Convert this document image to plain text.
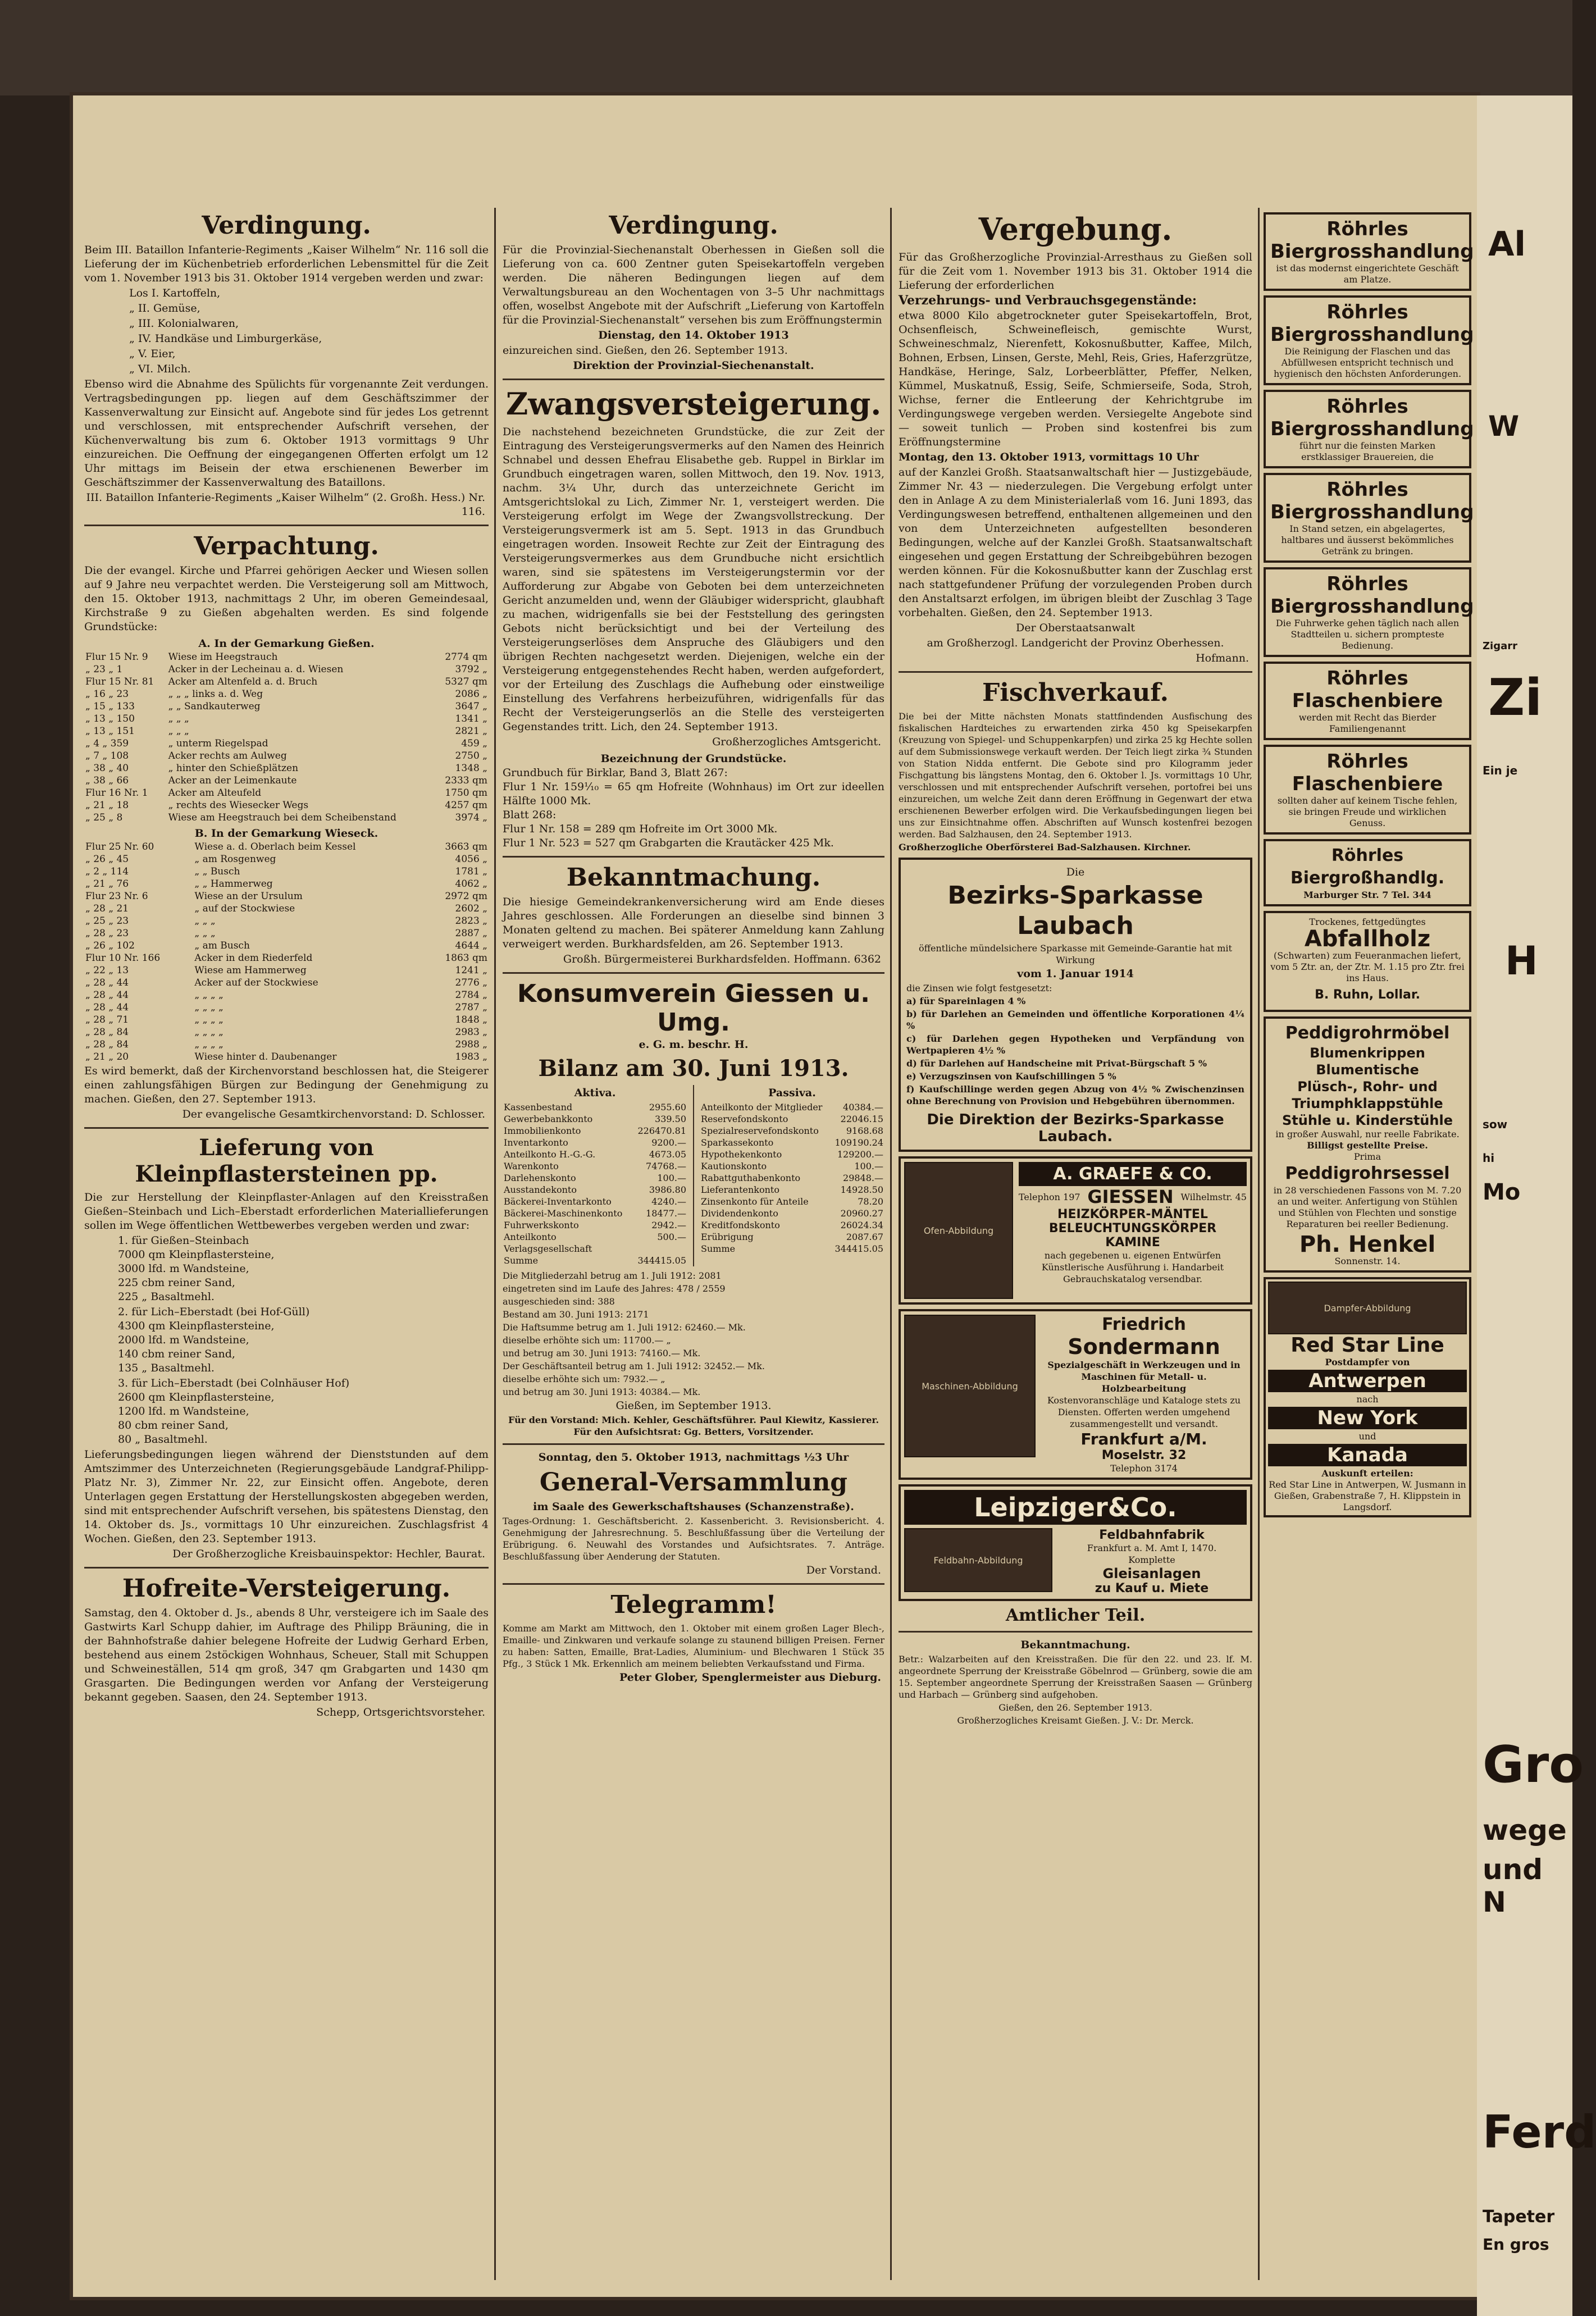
Verdingung.
Beim III. Bataillon Infanterie-Regiments „Kaiser Wilhelm“ Nr. 116 soll die Lieferung der im Küchenbetrieb erforderlichen Lebensmittel für die Zeit vom 1. November 1913 bis 31. Oktober 1914 vergeben werden und zwar:
Los I. Kartoffeln,
„ II. Gemüse,
„ III. Kolonialwaren,
„ IV. Handkäse und Limburgerkäse,
„ V. Eier,
„ VI. Milch.
Ebenso wird die Abnahme des Spülichts für vorgenannte Zeit verdungen. Vertragsbedingungen pp. liegen auf dem Geschäftszimmer der Kassenverwaltung zur Einsicht auf. Angebote sind für jedes Los getrennt und verschlossen, mit entsprechender Aufschrift versehen, der Küchenverwaltung bis zum 6. Oktober 1913 vormittags 9 Uhr einzureichen. Die Oeffnung der eingegangenen Offerten erfolgt um 12 Uhr mittags im Beisein der etwa erschienenen Bewerber im Geschäftszimmer der Kassenverwaltung des Bataillons.
III. Bataillon Infanterie-Regiments „Kaiser Wilhelm“ (2. Großh. Hess.) Nr. 116.
Verpachtung.
Die der evangel. Kirche und Pfarrei gehörigen Aecker und Wiesen sollen auf 9 Jahre neu verpachtet werden. Die Versteigerung soll am Mittwoch, den 15. Oktober 1913, nachmittags 2 Uhr, im oberen Gemeindesaal, Kirchstraße 9 zu Gießen abgehalten werden. Es sind folgende Grundstücke:
A. In der Gemarkung Gießen.
Flur 15 Nr. 9	Wiese im Heegstrauch	2774 qm
„ 23 „ 1	Acker in der Lecheinau a. d. Wiesen	3792 „
Flur 15 Nr. 81	Acker am Altenfeld a. d. Bruch	5327 qm
„ 16 „ 23	„ „ „ links a. d. Weg	2086 „
„ 15 „ 133	„ „ Sandkauterweg	3647 „
„ 13 „ 150	„ „ „	1341 „
„ 13 „ 151	„ „ „	2821 „
„ 4 „ 359	„ unterm Riegelspad	459 „
„ 7 „ 108	Acker rechts am Aulweg	2750 „
„ 38 „ 40	„ hinter den Schießplätzen	1348 „
„ 38 „ 66	Acker an der Leimenkaute	2333 qm
Flur 16 Nr. 1	Acker am Alteufeld	1750 qm
„ 21 „ 18	„ rechts des Wiesecker Wegs	4257 qm
„ 25 „ 8	Wiese am Heegstrauch bei dem Scheibenstand	3974 „
B. In der Gemarkung Wieseck.
Flur 25 Nr. 60	Wiese a. d. Oberlach beim Kessel	3663 qm
„ 26 „ 45	„ am Rosgenweg	4056 „
„ 2 „ 114	„ „ Busch	1781 „
„ 21 „ 76	„ „ Hammerweg	4062 „
Flur 23 Nr. 6	Wiese an der Ursulum	2972 qm
„ 28 „ 21	„ auf der Stockwiese	2602 „
„ 25 „ 23	„ „ „	2823 „
„ 28 „ 23	„ „ „	2887 „
„ 26 „ 102	„ am Busch	4644 „
Flur 10 Nr. 166	Acker in dem Riederfeld	1863 qm
„ 22 „ 13	Wiese am Hammerweg	1241 „
„ 28 „ 44	Acker auf der Stockwiese	2776 „
„ 28 „ 44	„ „ „ „	2784 „
„ 28 „ 44	„ „ „ „	2787 „
„ 28 „ 71	„ „ „ „	1848 „
„ 28 „ 84	„ „ „ „	2983 „
„ 28 „ 84	„ „ „ „	2988 „
„ 21 „ 20	Wiese hinter d. Daubenanger	1983 „
Es wird bemerkt, daß der Kirchenvorstand beschlossen hat, die Steigerer einen zahlungsfähigen Bürgen zur Bedingung der Genehmigung zu machen. Gießen, den 27. September 1913.
Der evangelische Gesamtkirchenvorstand: D. Schlosser.
Lieferung von Kleinpflastersteinen pp.
Die zur Herstellung der Kleinpflaster-Anlagen auf den Kreisstraßen Gießen–Steinbach und Lich–Eberstadt erforderlichen Materiallieferungen sollen im Wege öffentlichen Wettbewerbes vergeben werden und zwar:
1. für Gießen–Steinbach
7000 qm Kleinpflastersteine,
3000 lfd. m Wandsteine,
225 cbm reiner Sand,
225 „ Basaltmehl.
2. für Lich–Eberstadt (bei Hof-Güll)
4300 qm Kleinpflastersteine,
2000 lfd. m Wandsteine,
140 cbm reiner Sand,
135 „ Basaltmehl.
3. für Lich–Eberstadt (bei Colnhäuser Hof)
2600 qm Kleinpflastersteine,
1200 lfd. m Wandsteine,
80 cbm reiner Sand,
80 „ Basaltmehl.
Lieferungsbedingungen liegen während der Dienststunden auf dem Amtszimmer des Unterzeichneten (Regierungsgebäude Landgraf-Philipp-Platz Nr. 3), Zimmer Nr. 22, zur Einsicht offen. Angebote, deren Unterlagen gegen Erstattung der Herstellungskosten abgegeben werden, sind mit entsprechender Aufschrift versehen, bis spätestens Dienstag, den 14. Oktober ds. Js., vormittags 10 Uhr einzureichen. Zuschlagsfrist 4 Wochen. Gießen, den 23. September 1913.
Der Großherzogliche Kreisbauinspektor: Hechler, Baurat.
Hofreite-Versteigerung.
Samstag, den 4. Oktober d. Js., abends 8 Uhr, versteigere ich im Saale des Gastwirts Karl Schupp dahier, im Auftrage des Philipp Bräuning, die in der Bahnhofstraße dahier belegene Hofreite der Ludwig Gerhard Erben, bestehend aus einem 2stöckigen Wohnhaus, Scheuer, Stall mit Schuppen und Schweineställen, 514 qm groß, 347 qm Grabgarten und 1430 qm Grasgarten. Die Bedingungen werden vor Anfang der Versteigerung bekannt gegeben. Saasen, den 24. September 1913.
Schepp, Ortsgerichtsvorsteher.
Verdingung.
Für die Provinzial-Siechenanstalt Oberhessen in Gießen soll die Lieferung von ca. 600 Zentner guten Speisekartoffeln vergeben werden. Die näheren Bedingungen liegen auf dem Verwaltungsbureau an den Wochentagen von 3–5 Uhr nachmittags offen, woselbst Angebote mit der Aufschrift „Lieferung von Kartoffeln für die Provinzial-Siechenanstalt“ versehen bis zum Eröffnungstermin
Dienstag, den 14. Oktober 1913
einzureichen sind. Gießen, den 26. September 1913.
Direktion der Provinzial-Siechenanstalt.
Zwangsversteigerung.
Die nachstehend bezeichneten Grundstücke, die zur Zeit der Eintragung des Versteigerungsvermerks auf den Namen des Heinrich Schnabel und dessen Ehefrau Elisabethe geb. Ruppel in Birklar im Grundbuch eingetragen waren, sollen Mittwoch, den 19. Nov. 1913, nachm. 3¼ Uhr, durch das unterzeichnete Gericht im Amtsgerichtslokal zu Lich, Zimmer Nr. 1, versteigert werden. Die Versteigerung erfolgt im Wege der Zwangsvollstreckung. Der Versteigerungsvermerk ist am 5. Sept. 1913 in das Grundbuch eingetragen worden. Insoweit Rechte zur Zeit der Eintragung des Versteigerungsvermerkes aus dem Grundbuche nicht ersichtlich waren, sind sie spätestens im Versteigerungstermin vor der Aufforderung zur Abgabe von Geboten bei dem unterzeichneten Gericht anzumelden und, wenn der Gläubiger widerspricht, glaubhaft zu machen, widrigenfalls sie bei der Feststellung des geringsten Gebots nicht berücksichtigt und bei der Verteilung des Versteigerungserlöses dem Anspruche des Gläubigers und den übrigen Rechten nachgesetzt werden. Diejenigen, welche ein der Versteigerung entgegenstehendes Recht haben, werden aufgefordert, vor der Erteilung des Zuschlags die Aufhebung oder einstweilige Einstellung des Verfahrens herbeizuführen, widrigenfalls für das Recht der Versteigerungserlös an die Stelle des versteigerten Gegenstandes tritt. Lich, den 24. September 1913.
Großherzogliches Amtsgericht.
Bezeichnung der Grundstücke.
Grundbuch für Birklar, Band 3, Blatt 267:
Flur 1 Nr. 159¹⁄₁₀ = 65 qm Hofreite (Wohnhaus) im Ort zur ideellen Hälfte 1000 Mk.
Blatt 268:
Flur 1 Nr. 158 = 289 qm Hofreite im Ort 3000 Mk.
Flur 1 Nr. 523 = 527 qm Grabgarten die Krautäcker 425 Mk.
Bekanntmachung.
Die hiesige Gemeindekrankenversicherung wird am Ende dieses Jahres geschlossen. Alle Forderungen an dieselbe sind binnen 3 Monaten geltend zu machen. Bei späterer Anmeldung kann Zahlung verweigert werden. Burkhardsfelden, am 26. September 1913.
Großh. Bürgermeisterei Burkhardsfelden. Hoffmann. 6362
Konsumverein Giessen u. Umg.
e. G. m. beschr. H.
Bilanz am 30. Juni 1913.
Aktiva.
Kassenbestand	2955.60
Gewerbebankkonto	339.50
Immobilienkonto	226470.81
Inventarkonto	9200.—
Anteilkonto H.-G.-G.	4673.05
Warenkonto	74768.—
Darlehenskonto	100.—
Ausstandekonto	3986.80
Bäckerei-Inventarkonto	4240.—
Bäckerei-Maschinenkonto	18477.—
Fuhrwerkskonto	2942.—
Anteilkonto Verlagsgesellschaft	500.—
Summe	344415.05
Passiva.
Anteilkonto der Mitglieder	40384.—
Reservefondskonto	22046.15
Spezialreservefondskonto	9168.68
Sparkassekonto	109190.24
Hypothekenkonto	129200.—
Kautionskonto	100.—
Rabattguthabenkonto	29848.—
Lieferantenkonto	14928.50
Zinsenkonto für Anteile	78.20
Dividendenkonto	20960.27
Kreditfondskonto	26024.34
Erübrigung	2087.67
Summe	344415.05
Die Mitgliederzahl betrug am 1. Juli 1912: 2081
eingetreten sind im Laufe des Jahres: 478 / 2559
ausgeschieden sind: 388
Bestand am 30. Juni 1913: 2171
Die Haftsumme betrug am 1. Juli 1912: 62460.— Mk.
dieselbe erhöhte sich um: 11700.— „
und betrug am 30. Juni 1913: 74160.— Mk.
Der Geschäftsanteil betrug am 1. Juli 1912: 32452.— Mk.
dieselbe erhöhte sich um: 7932.— „
und betrug am 30. Juni 1913: 40384.— Mk.
Gießen, im September 1913.
Für den Vorstand: Mich. Kehler, Geschäftsführer. Paul Kiewitz, Kassierer. Für den Aufsichtsrat: Gg. Betters, Vorsitzender.
Sonntag, den 5. Oktober 1913, nachmittags ½3 Uhr
General-Versammlung
im Saale des Gewerkschaftshauses (Schanzenstraße).
Tages-Ordnung: 1. Geschäftsbericht. 2. Kassenbericht. 3. Revisionsbericht. 4. Genehmigung der Jahresrechnung. 5. Beschlußfassung über die Verteilung der Erübrigung. 6. Neuwahl des Vorstandes und Aufsichtsrates. 7. Anträge. Beschlußfassung über Aenderung der Statuten.
Der Vorstand.
Telegramm!
Komme am Markt am Mittwoch, den 1. Oktober mit einem großen Lager Blech-, Emaille- und Zinkwaren und verkaufe solange zu staunend billigen Preisen. Ferner zu haben: Satten, Emaille, Brat-Ladies, Aluminium- und Blechwaren 1 Stück 35 Pfg., 3 Stück 1 Mk. Erkennlich am meinem beliebten Verkaufsstand und Firma.
Peter Glober, Spenglermeister aus Dieburg.
Vergebung.
Für das Großherzogliche Provinzial-Arresthaus zu Gießen soll für die Zeit vom 1. November 1913 bis 31. Oktober 1914 die Lieferung der erforderlichen
Verzehrungs- und Verbrauchsgegenstände:
etwa 8000 Kilo abgetrockneter guter Speisekartoffeln, Brot, Ochsenfleisch, Schweinefleisch, gemischte Wurst, Schweineschmalz, Nierenfett, Kokosnußbutter, Kaffee, Milch, Bohnen, Erbsen, Linsen, Gerste, Mehl, Reis, Gries, Haferzgrütze, Handkäse, Heringe, Salz, Lorbeerblätter, Pfeffer, Nelken, Kümmel, Muskatnuß, Essig, Seife, Schmierseife, Soda, Stroh, Wichse, ferner die Entleerung der Kehrichtgrube im Verdingungswege vergeben werden. Versiegelte Angebote sind — soweit tunlich — Proben sind kostenfrei bis zum Eröffnungstermine
Montag, den 13. Oktober 1913, vormittags 10 Uhr
auf der Kanzlei Großh. Staatsanwaltschaft hier — Justizgebäude, Zimmer Nr. 43 — niederzulegen. Die Vergebung erfolgt unter den in Anlage A zu dem Ministerialerlaß vom 16. Juni 1893, das Verdingungswesen betreffend, enthaltenen allgemeinen und den von dem Unterzeichneten aufgestellten besonderen Bedingungen, welche auf der Kanzlei Großh. Staatsanwaltschaft eingesehen und gegen Erstattung der Schreibgebühren bezogen werden können. Für die Kokosnußbutter kann der Zuschlag erst nach stattgefundener Prüfung der vorzulegenden Proben durch den Anstaltsarzt erfolgen, im übrigen bleibt der Zuschlag 3 Tage vorbehalten. Gießen, den 24. September 1913.
Der Oberstaatsanwalt
am Großherzogl. Landgericht der Provinz Oberhessen.
Hofmann.
Fischverkauf.
Die bei der Mitte nächsten Monats stattfindenden Ausfischung des fiskalischen Hardteiches zu erwartenden zirka 450 kg Speisekarpfen (Kreuzung von Spiegel- und Schuppenkarpfen) und zirka 25 kg Hechte sollen auf dem Submissionswege verkauft werden. Der Teich liegt zirka ¾ Stunden von Station Nidda entfernt. Die Gebote sind pro Kilogramm jeder Fischgattung bis längstens Montag, den 6. Oktober l. Js. vormittags 10 Uhr, verschlossen und mit entsprechender Aufschrift versehen, portofrei bei uns einzureichen, um welche Zeit dann deren Eröffnung in Gegenwart der etwa erschienenen Bewerber erfolgen wird. Die Verkaufsbedingungen liegen bei uns zur Einsichtnahme offen. Abschriften auf Wunsch kostenfrei bezogen werden. Bad Salzhausen, den 24. September 1913.
Großherzogliche Oberförsterei Bad-Salzhausen. Kirchner.
Die
Bezirks-Sparkasse Laubach
öffentliche mündelsichere Sparkasse mit Gemeinde-Garantie hat mit Wirkung
vom 1. Januar 1914
die Zinsen wie folgt festgesetzt:
a) für Spareinlagen 4 %
b) für Darlehen an Gemeinden und öffentliche Korporationen 4¼ %
c) für Darlehen gegen Hypotheken und Verpfändung von Wertpapieren 4½ %
d) für Darlehen auf Handscheine mit Privat-Bürgschaft 5 %
e) Verzugszinsen von Kaufschillingen 5 %
f) Kaufschillinge werden gegen Abzug von 4½ % Zwischenzinsen ohne Berechnung von Provision und Hebgebühren übernommen.
Die Direktion der Bezirks-Sparkasse Laubach.
Ofen-Abbildung
A. GRAEFE & CO.
Telephon 197 GIESSEN Wilhelmstr. 45
HEIZKÖRPER-MÄNTEL
BELEUCHTUNGSKÖRPER
KAMINE
nach gegebenen u. eigenen Entwürfen Künstlerische Ausführung i. Handarbeit Gebrauchskatalog versendbar.
Maschinen-Abbildung
Friedrich
Sondermann
Spezialgeschäft in Werkzeugen und in Maschinen für Metall- u. Holzbearbeitung
Kostenvoranschläge und Kataloge stets zu Diensten. Offerten werden umgehend zusammengestellt und versandt.
Frankfurt a/M.
Moselstr. 32
Telephon 3174
Leipziger&Co.
Feldbahn-Abbildung
Feldbahnfabrik
Frankfurt a. M. Amt I, 1470.
Komplette
Gleisanlagen
zu Kauf u. Miete
Amtlicher Teil.
Bekanntmachung.
Betr.: Walzarbeiten auf den Kreisstraßen. Die für den 22. und 23. lf. M. angeordnete Sperrung der Kreisstraße Göbelnrod — Grünberg, sowie die am 15. September angeordnete Sperrung der Kreisstraßen Saasen — Grünberg und Harbach — Grünberg sind aufgehoben.
Gießen, den 26. September 1913.
Großherzogliches Kreisamt Gießen. J. V.: Dr. Merck.
Röhrles Biergrosshandlung
ist das modernst eingerichtete Geschäft am Platze.
Röhrles Biergrosshandlung
Die Reinigung der Flaschen und das Abfüllwesen entspricht technisch und hygienisch den höchsten Anforderungen.
Röhrles Biergrosshandlung
führt nur die feinsten Marken erstklassiger Brauereien, die
Röhrles Biergrosshandlung
In Stand setzen, ein abgelagertes, haltbares und äusserst bekömmliches Getränk zu bringen.
Röhrles Biergrosshandlung
Die Fuhrwerke gehen täglich nach allen Stadtteilen u. sichern prompteste Bedienung.
Röhrles Flaschenbiere
werden mit Recht das Bierder Familiengenannt
Röhrles Flaschenbiere
sollten daher auf keinem Tische fehlen, sie bringen Freude und wirklichen Genuss.
Röhrles Biergroßhandlg.
Marburger Str. 7 Tel. 344
Trockenes, fettgedüngtes
Abfallholz
(Schwarten) zum Feueranmachen liefert, vom 5 Ztr. an, der Ztr. M. 1.15 pro Ztr. frei ins Haus.
B. Ruhn, Lollar.
Peddigrohrmöbel
Blumenkrippen
Blumentische
Plüsch-, Rohr- und
Triumphklappstühle
Stühle u. Kinderstühle
in großer Auswahl, nur reelle Fabrikate.
Billigst gestellte Preise.
Prima
Peddigrohrsessel
in 28 verschiedenen Fassons von M. 7.20 an und weiter. Anfertigung von Stühlen und Stühlen von Flechten und sonstige Reparaturen bei reeller Bedienung.
Ph. Henkel
Sonnenstr. 14.
Dampfer-Abbildung
Red Star Line
Postdampfer von
Antwerpen
nach
New York
und
Kanada
Auskunft erteilen:
Red Star Line in Antwerpen, W. Jusmann in Gießen, Grabenstraße 7, H. Klippstein in Langsdorf.
Al
W
Zigarr
Zi
Ein je
H
sow
hi
Mo
Gro
wege
und N
Ferd
Tapeter
En gros
